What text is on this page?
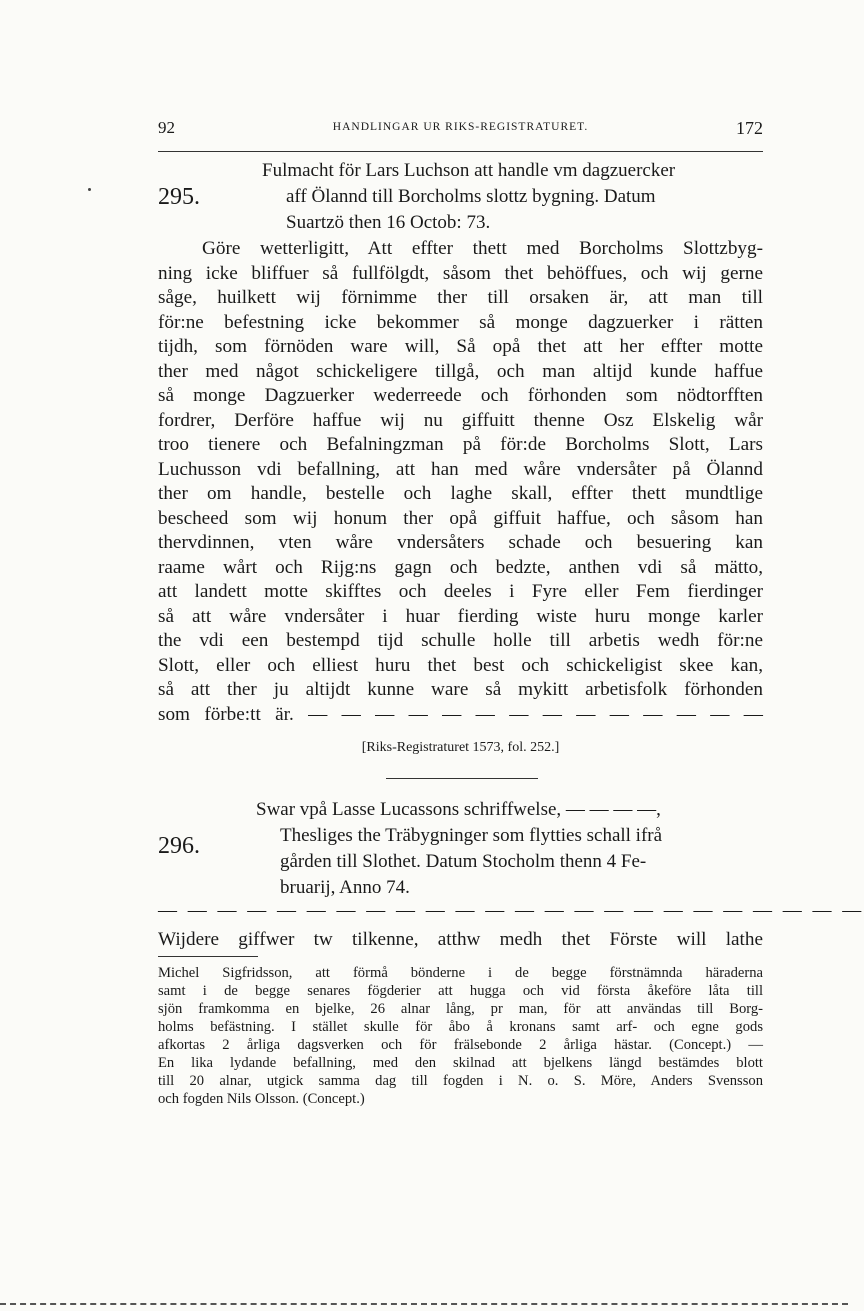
92	HANDLINGAR UR RIKS-REGISTRATURET.	172
295.
Fulmacht för Lars Luchson att handle vm dagzuercker
aff Ölannd till Borcholms slottz bygning. Datum
Suartzö then 16 Octob: 73.
Göre wetterligitt, Att effter thett med Borcholms Slottzbyg-
ning icke bliffuer så fullfölgdt, såsom thet behöffues, och wij gerne
såge, huilkett wij förnimme ther till orsaken är, att man till
för:ne befestning icke bekommer så monge dagzuerker i rätten
tijdh, som förnöden ware will, Så opå thet att her effter motte
ther med något schickeligere tillgå, och man altijd kunde haffue
så monge Dagzuerker wederreede och förhonden som nödtorfften
fordrer, Derföre haffue wij nu giffuitt thenne Osz Elskelig wår
troo tienere och Befalningzman på för:de Borcholms Slott, Lars
Luchusson vdi befallning, att han med wåre vndersåter på Ölannd
ther om handle, bestelle och laghe skall, effter thett mundtlige
bescheed som wij honum ther opå giffuit haffue, och såsom han
thervdinnen, vten wåre vndersåters schade och besuering kan
raame wårt och Rijg:ns gagn och bedzte, anthen vdi så mätto,
att landett motte skifftes och deeles i Fyre eller Fem fierdinger
så att wåre vndersåter i huar fierding wiste huru monge karler
the vdi een bestempd tijd schulle holle till arbetis wedh för:ne
Slott, eller och elliest huru thet best och schickeligist skee kan,
så att ther ju altijdt kunne ware så mykitt arbetisfolk förhonden
som förbe:tt är. — — — — — — — — — — — — — —
[Riks-Registraturet 1573, fol. 252.]
296.
Swar vpå Lasse Lucassons schriffwelse, — — — —,
Thesliges the Träbygninger som flytties schall ifrå
gården till Slothet. Datum Stocholm thenn 4 Fe-
bruarij, Anno 74.
— — — — — — — — — — — — — — — — — — — — — — — —
Wijdere giffwer tw tilkenne, atthw medh thet Förste will lathe
Michel Sigfridsson, att förmå bönderne i de begge förstnämnda häraderna
samt i de begge senares fögderier att hugga och vid första åkeföre låta till
sjön framkomma en bjelke, 26 alnar lång, pr man, för att användas till Borg-
holms befästning. I stället skulle för åbo å kronans samt arf- och egne gods
afkortas 2 årliga dagsverken och för frälsebonde 2 årliga hästar. (Concept.) —
En lika lydande befallning, med den skilnad att bjelkens längd bestämdes blott
till 20 alnar, utgick samma dag till fogden i N. o. S. Möre, Anders Svensson
och fogden Nils Olsson. (Concept.)
